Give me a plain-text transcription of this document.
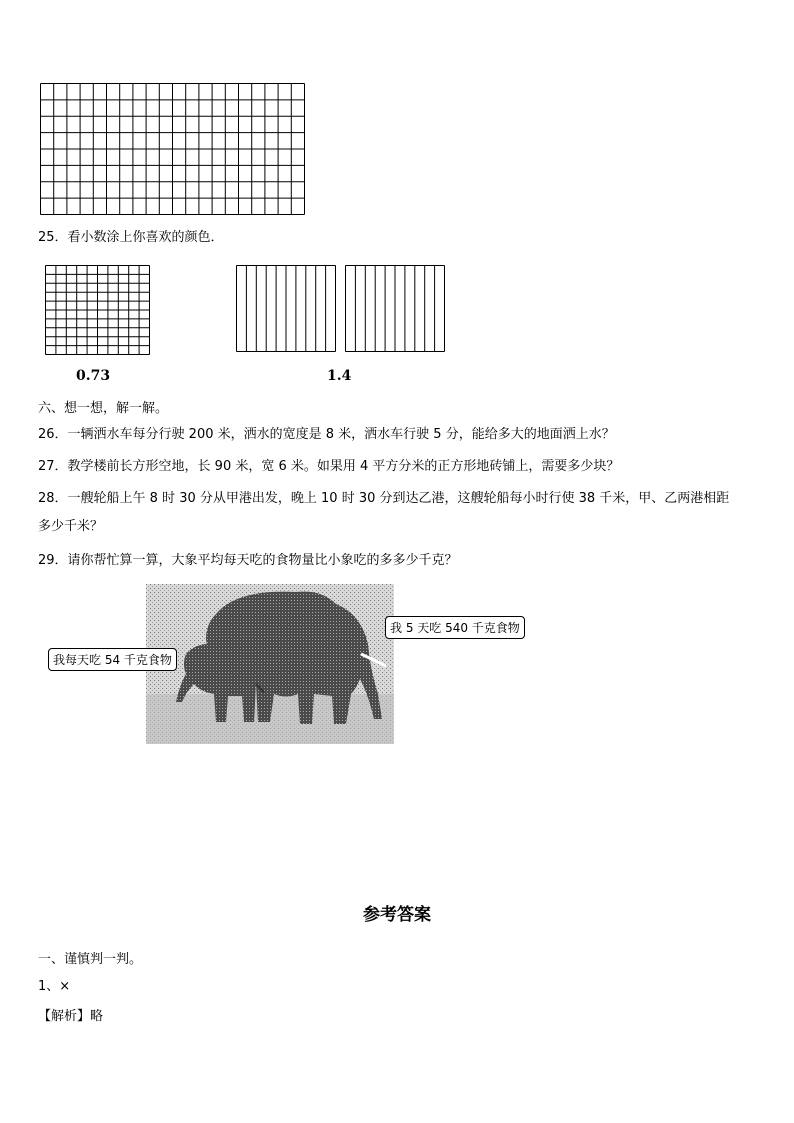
25．看小数涂上你喜欢的颜色．
0.73	1.4
六、想一想，解一解。
26．一辆洒水车每分行驶 200 米，洒水的宽度是 8 米，洒水车行驶 5 分，能给多大的地面洒上水？
27．教学楼前长方形空地，长 90 米，宽 6 米。如果用 4 平方分米的正方形地砖铺上，需要多少块？
28．一艘轮船上午 8 时 30 分从甲港出发，晚上 10 时 30 分到达乙港，这艘轮船每小时行使 38 千米，甲、乙两港相距
多少千米？
29．请你帮忙算一算，大象平均每天吃的食物量比小象吃的多多少千克？
我每天吃 54 千克食物
我 5 天吃 540 千克食物
参考答案
一、谨慎判一判。
1、×
【解析】略
